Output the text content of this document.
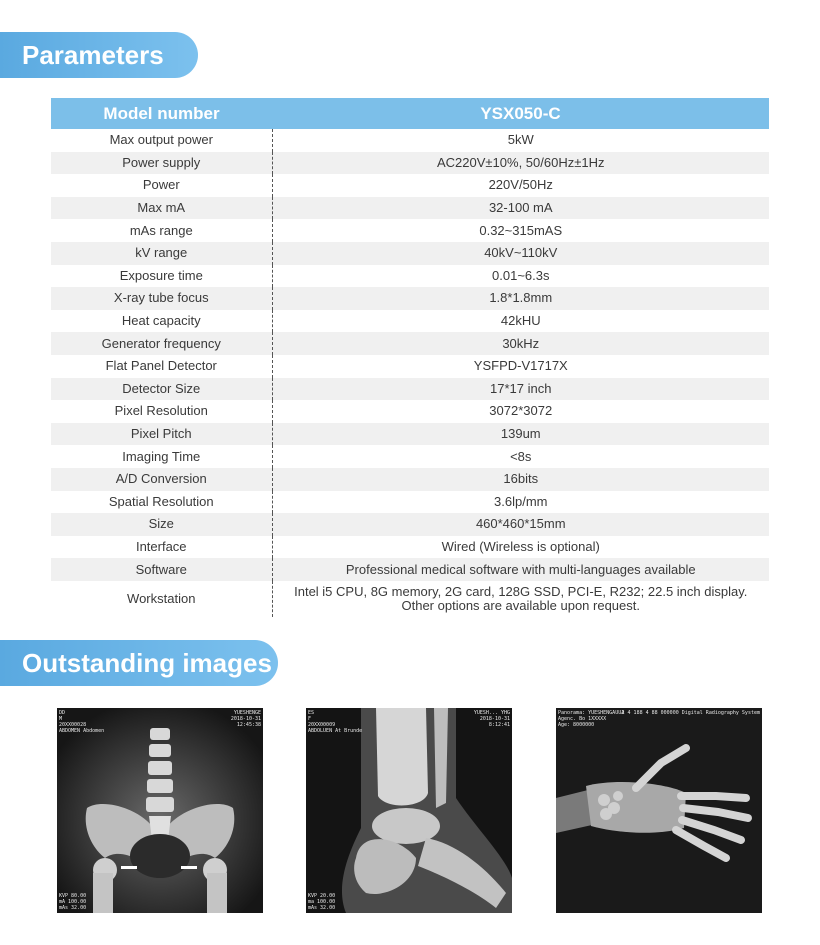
Parameters
Model number	YSX050-C
Max output power	5kW

Power supply	AC220V±10%, 50/60Hz±1Hz

Power	220V/50Hz

Max mA	32-100 mA

mAs range	0.32~315mAS

kV range	40kV~110kV

Exposure time	0.01~6.3s

X-ray tube focus	1.8*1.8mm

Heat capacity	42kHU

Generator frequency	30kHz

Flat Panel Detector	YSFPD-V1717X

Detector Size	17*17 inch

Pixel Resolution	3072*3072

Pixel Pitch	139um

Imaging Time	<8s

A/D Conversion	16bits

Spatial Resolution	3.6lp/mm

Size	460*460*15mm

Interface	Wired (Wireless is optional)

Software	Professional medical software with multi-languages available

Workstation	Intel i5 CPU, 8G memory, 2G card, 128G SSD, PCI-E, R232; 22.5 inch display.
Other options are available upon request.
Outstanding images
DD
M
20XX00028
ABDOMEN Abdomen
YUESHENGE
2018-10-31
12:45:38
KVP 80.00
mA 100.00
mAs 32.00
ES
F
20XX00009
ABDOLUEN At Brunde
YUESH... YHG
2018-10-31
8:12:41
KVP 20.00
ma 100.00
mAs 32.00
Panorama: YUESHENGAUUA
Agenc. Bo 1XXXXX
Age: 8000000
2 4 188 4 88 000000 Digital Radiography System
